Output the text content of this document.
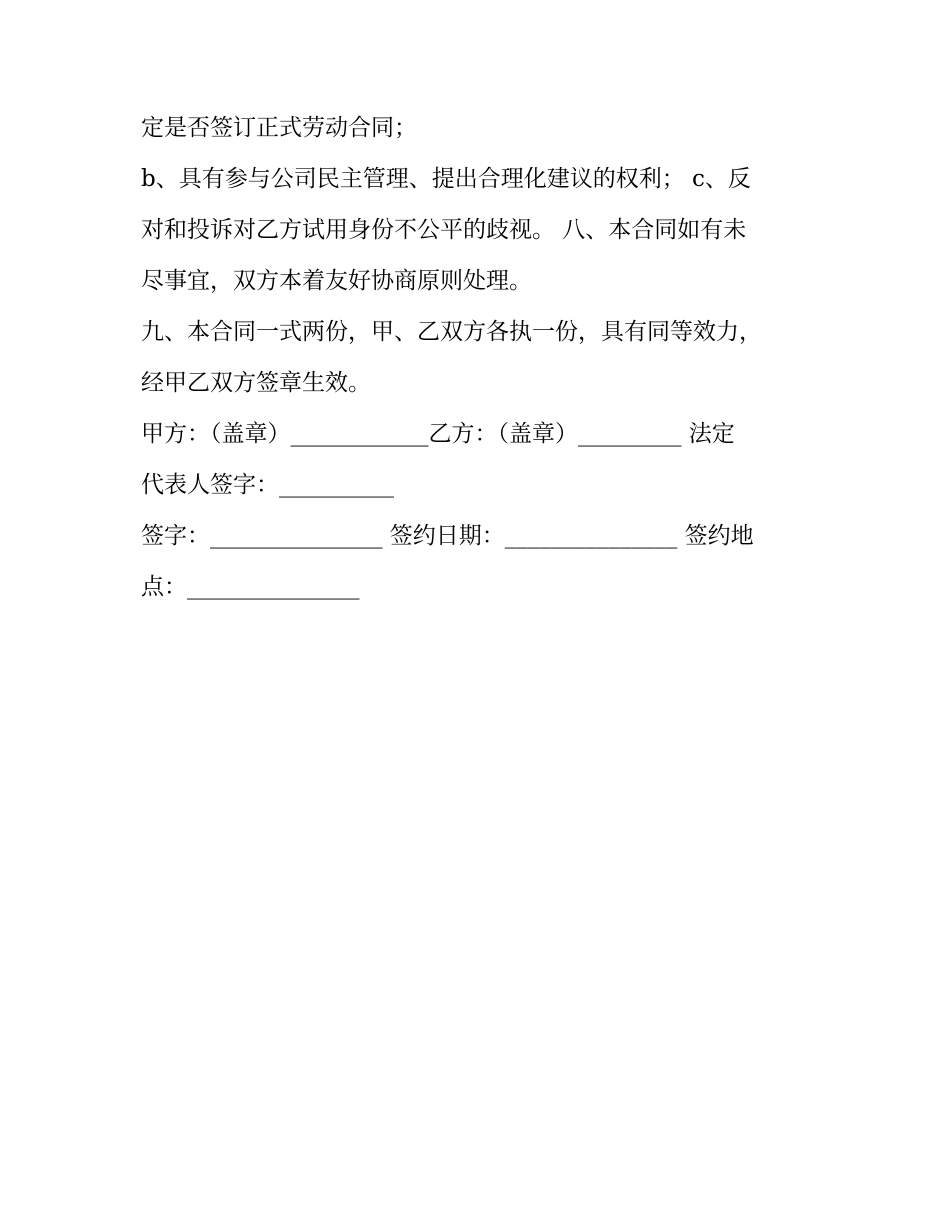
定是否签订正式劳动合同；

b、具有参与公司民主管理、提出合理化建议的权利； c、反

对和投诉对乙方试用身份不公平的歧视。 八、本合同如有未

尽事宜，双方本着友好协商原则处理。

九、本合同一式两份，甲、乙双方各执一份，具有同等效力，

经甲乙双方签章生效。

甲方：（盖章）____________乙方：（盖章）_________ 法定

代表人签字：__________

签字：_______________ 签约日期：_______________ 签约地

点：_______________
